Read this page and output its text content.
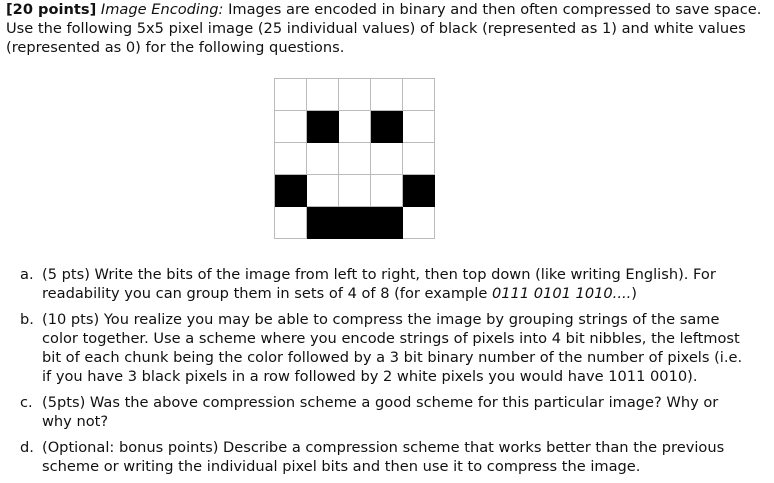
[20 points] Image Encoding: Images are encoded in binary and then often compressed to save space. Use the following 5x5 pixel image (25 individual values) of black (represented as 1) and white values (represented as 0) for the following questions.
a. (5 pts) Write the bits of the image from left to right, then top down (like writing English). For readability you can group them in sets of 4 of 8 (for example 0111 0101 1010....)
b. (10 pts) You realize you may be able to compress the image by grouping strings of the same color together. Use a scheme where you encode strings of pixels into 4 bit nibbles, the leftmost bit of each chunk being the color followed by a 3 bit binary number of the number of pixels (i.e. if you have 3 black pixels in a row followed by 2 white pixels you would have 1011 0010).
c. (5pts) Was the above compression scheme a good scheme for this particular image? Why or why not?
d. (Optional: bonus points) Describe a compression scheme that works better than the previous scheme or writing the individual pixel bits and then use it to compress the image.
